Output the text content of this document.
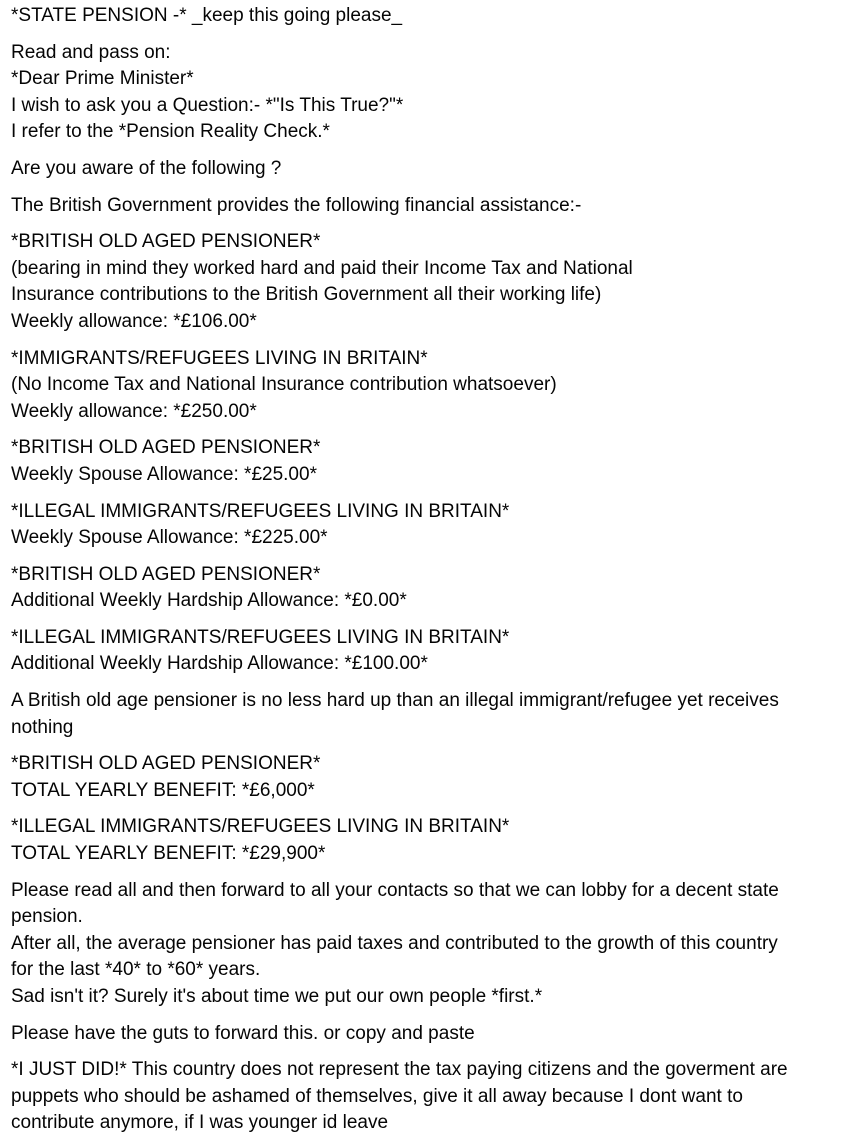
*STATE PENSION -* _keep this going please_
Read and pass on:
*Dear Prime Minister*
I wish to ask you a Question:- *"Is This True?"*
I refer to the *Pension Reality Check.*
Are you aware of the following ?
The British Government provides the following financial assistance:-
*BRITISH OLD AGED PENSIONER*
(bearing in mind they worked hard and paid their Income Tax and National
Insurance contributions to the British Government all their working life)
Weekly allowance: *£106.00*
*IMMIGRANTS/REFUGEES LIVING IN BRITAIN*
(No Income Tax and National Insurance contribution whatsoever)
Weekly allowance: *£250.00*
*BRITISH OLD AGED PENSIONER*
Weekly Spouse Allowance: *£25.00*
*ILLEGAL IMMIGRANTS/REFUGEES LIVING IN BRITAIN*
Weekly Spouse Allowance: *£225.00*
*BRITISH OLD AGED PENSIONER*
Additional Weekly Hardship Allowance: *£0.00*
*ILLEGAL IMMIGRANTS/REFUGEES LIVING IN BRITAIN*
Additional Weekly Hardship Allowance: *£100.00*
A British old age pensioner is no less hard up than an illegal immigrant/refugee yet receives
nothing
*BRITISH OLD AGED PENSIONER*
TOTAL YEARLY BENEFIT: *£6,000*
*ILLEGAL IMMIGRANTS/REFUGEES LIVING IN BRITAIN*
TOTAL YEARLY BENEFIT: *£29,900*
Please read all and then forward to all your contacts so that we can lobby for a decent state
pension.
After all, the average pensioner has paid taxes and contributed to the growth of this country
for the last *40* to *60* years.
Sad isn't it? Surely it's about time we put our own people *first.*
Please have the guts to forward this. or copy and paste
*I JUST DID!* This country does not represent the tax paying citizens and the goverment are
puppets who should be ashamed of themselves, give it all away because I dont want to
contribute anymore, if I was younger id leave
